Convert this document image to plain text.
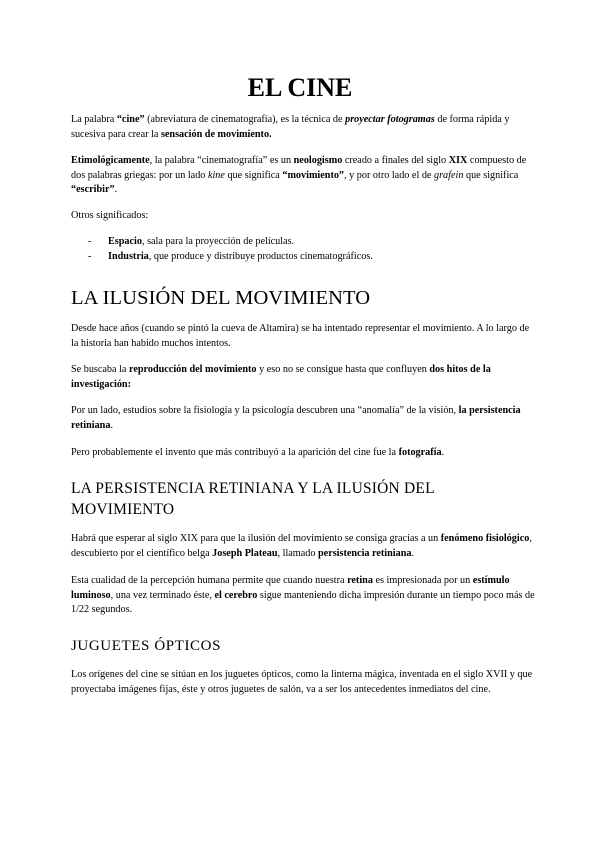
EL CINE

La palabra “cine” (abreviatura de cinematografía), es la técnica de proyectar fotogramas de forma rápida y sucesiva para crear la sensación de movimiento.

Etimológicamente, la palabra “cinematografía” es un neologismo creado a finales del siglo XIX compuesto de dos palabras griegas: por un lado kine que significa “movimiento”, y por otro lado el de grafein que significa “escribir”.

Otros significados:

- Espacio, sala para la proyección de películas.
- Industria, que produce y distribuye productos cinematográficos.
LA ILUSIÓN DEL MOVIMIENTO

Desde hace años (cuando se pintó la cueva de Altamira) se ha intentado representar el movimiento. A lo largo de la historia han habido muchos intentos.

Se buscaba la reproducción del movimiento y eso no se consigue hasta que confluyen dos hitos de la investigación:

Por un lado, estudios sobre la fisiología y la psicología descubren una “anomalía” de la visión, la persistencia retiniana.

Pero probablemente el invento que más contribuyó a la aparición del cine fue la fotografía.

LA PERSISTENCIA RETINIANA Y LA ILUSIÓN DEL MOVIMIENTO

Habrá que esperar al siglo XIX para que la ilusión del movimiento se consiga gracias a un fenómeno fisiológico, descubierto por el científico belga Joseph Plateau, llamado persistencia retiniana.

Esta cualidad de la percepción humana permite que cuando nuestra retina es impresionada por un estímulo luminoso, una vez terminado éste, el cerebro sigue manteniendo dicha impresión durante un tiempo poco más de 1/22 segundos.

JUGUETES ÓPTICOS

Los orígenes del cine se sitúan en los juguetes ópticos, como la linterna mágica, inventada en el siglo XVII y que proyectaba imágenes fijas, éste y otros juguetes de salón, va a ser los antecedentes inmediatos del cine.
